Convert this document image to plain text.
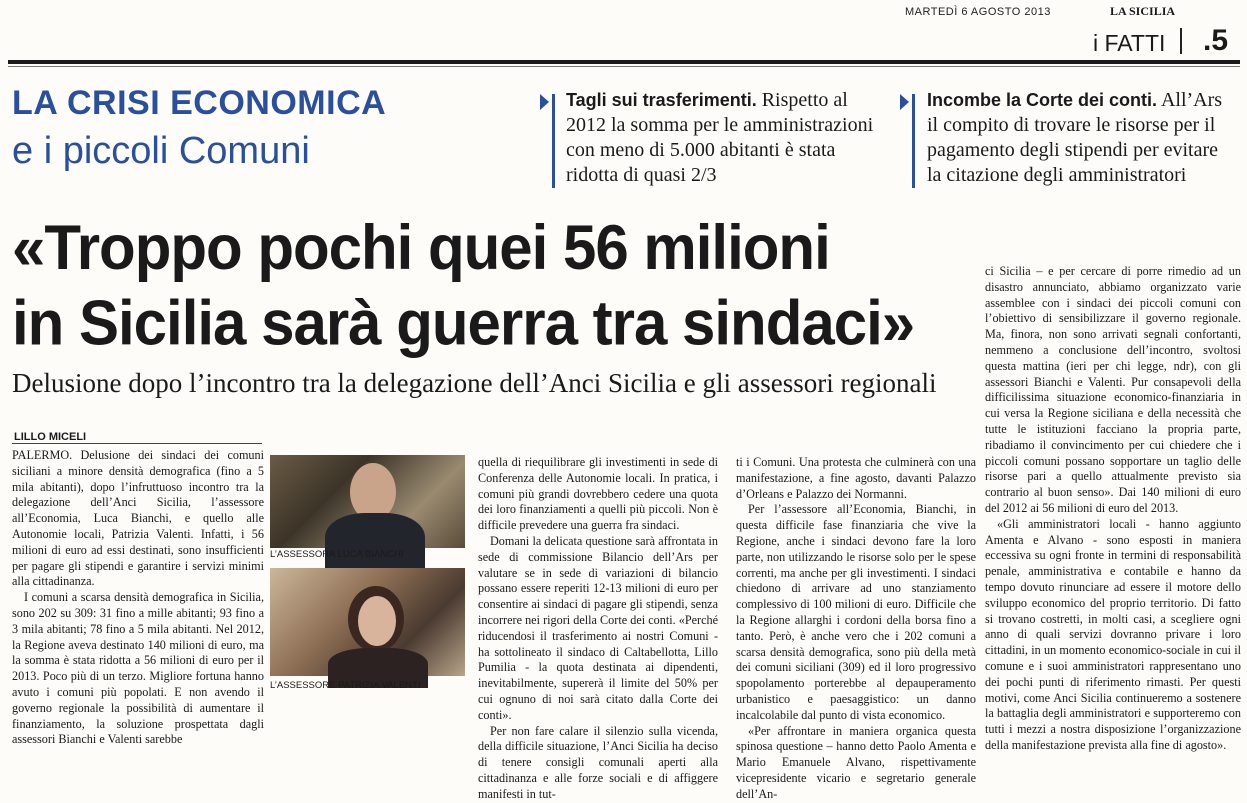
MARTEDÌ 6 AGOSTO 2013	LA SICILIA
i FATTI .5
LA CRISI ECONOMICA
e i piccoli Comuni
Tagli sui trasferimenti. Rispetto al 2012 la somma per le amministrazioni con meno di 5.000 abitanti è stata ridotta di quasi 2/3
Incombe la Corte dei conti. All’Ars il compito di trovare le risorse per il pagamento degli stipendi per evitare la citazione degli amministratori
«Troppo pochi quei 56 milioni
in Sicilia sarà guerra tra sindaci»
Delusione dopo l’incontro tra la delegazione dell’Anci Sicilia e gli assessori regionali
LILLO MICELI

PALERMO. Delusione dei sindaci dei comuni siciliani a minore densità demografica (fino a 5 mila abitanti), dopo l’infruttuoso incontro tra la delegazione dell’Anci Sicilia, l’assessore all’Economia, Luca Bianchi, e quello alle Autonomie locali, Patrizia Valenti. Infatti, i 56 milioni di euro ad essi destinati, sono insufficienti per pagare gli stipendi e garantire i servizi minimi alla cittadinanza.

I comuni a scarsa densità demografica in Sicilia, sono 202 su 309: 31 fino a mille abitanti; 93 fino a 3 mila abitanti; 78 fino a 5 mila abitanti. Nel 2012, la Regione aveva destinato 140 milioni di euro, ma la somma è stata ridotta a 56 milioni di euro per il 2013. Poco più di un terzo. Migliore fortuna hanno avuto i comuni più popolati. E non avendo il governo regionale la possibilità di aumentare il finanziamento, la soluzione prospettata dagli assessori Bianchi e Valenti sarebbe

L’ASSESSORA LUCA BIANCHI
L’ASSESSORE PATRIZIA VALENTI

quella di riequilibrare gli investimenti in sede di Conferenza delle Autonomie locali. In pratica, i comuni più grandi dovrebbero cedere una quota dei loro finanziamenti a quelli più piccoli. Non è difficile prevedere una guerra fra sindaci.

Domani la delicata questione sarà affrontata in sede di commissione Bilancio dell’Ars per valutare se in sede di variazioni di bilancio possano essere reperiti 12-13 milioni di euro per consentire ai sindaci di pagare gli stipendi, senza incorrere nei rigori della Corte dei conti. «Perché riducendosi il trasferimento ai nostri Comuni - ha sottolineato il sindaco di Caltabellotta, Lillo Pumilia - la quota destinata ai dipendenti, inevitabilmente, supererà il limite del 50% per cui ognuno di noi sarà citato dalla Corte dei conti».

Per non fare calare il silenzio sulla vicenda, della difficile situazione, l’Anci Sicilia ha deciso di tenere consigli comunali aperti alla cittadinanza e alle forze sociali e di affiggere manifesti in tut-

ti i Comuni. Una protesta che culminerà con una manifestazione, a fine agosto, davanti Palazzo d’Orleans e Palazzo dei Normanni.

Per l’assessore all’Economia, Bianchi, in questa difficile fase finanziaria che vive la Regione, anche i sindaci devono fare la loro parte, non utilizzando le risorse solo per le spese correnti, ma anche per gli investimenti. I sindaci chiedono di arrivare ad uno stanziamento complessivo di 100 milioni di euro. Difficile che la Regione allarghi i cordoni della borsa fino a tanto. Però, è anche vero che i 202 comuni a scarsa densità demografica, sono più della metà dei comuni siciliani (309) ed il loro progressivo spopolamento porterebbe al depauperamento urbanistico e paesaggistico: un danno incalcolabile dal punto di vista economico.

«Per affrontare in maniera organica questa spinosa questione – hanno detto Paolo Amenta e Mario Emanuele Alvano, rispettivamente vicepresidente vicario e segretario generale dell’An-

ci Sicilia – e per cercare di porre rimedio ad un disastro annunciato, abbiamo organizzato varie assemblee con i sindaci dei piccoli comuni con l’obiettivo di sensibilizzare il governo regionale. Ma, finora, non sono arrivati segnali confortanti, nemmeno a conclusione dell’incontro, svoltosi questa mattina (ieri per chi legge, ndr), con gli assessori Bianchi e Valenti. Pur consapevoli della difficilissima situazione economico-finanziaria in cui versa la Regione siciliana e della necessità che tutte le istituzioni facciano la propria parte, ribadiamo il convincimento per cui chiedere che i piccoli comuni possano sopportare un taglio delle risorse pari a quello attualmente previsto sia contrario al buon senso». Dai 140 milioni di euro del 2012 ai 56 milioni di euro del 2013.

«Gli amministratori locali - hanno aggiunto Amenta e Alvano - sono esposti in maniera eccessiva su ogni fronte in termini di responsabilità penale, amministrativa e contabile e hanno da tempo dovuto rinunciare ad essere il motore dello sviluppo economico del proprio territorio. Di fatto si trovano costretti, in molti casi, a scegliere ogni anno di quali servizi dovranno privare i loro cittadini, in un momento economico-sociale in cui il comune e i suoi amministratori rappresentano uno dei pochi punti di riferimento rimasti. Per questi motivi, come Anci Sicilia continueremo a sostenere la battaglia degli amministratori e supporteremo con tutti i mezzi a nostra disposizione l’organizzazione della manifestazione prevista alla fine di agosto».
